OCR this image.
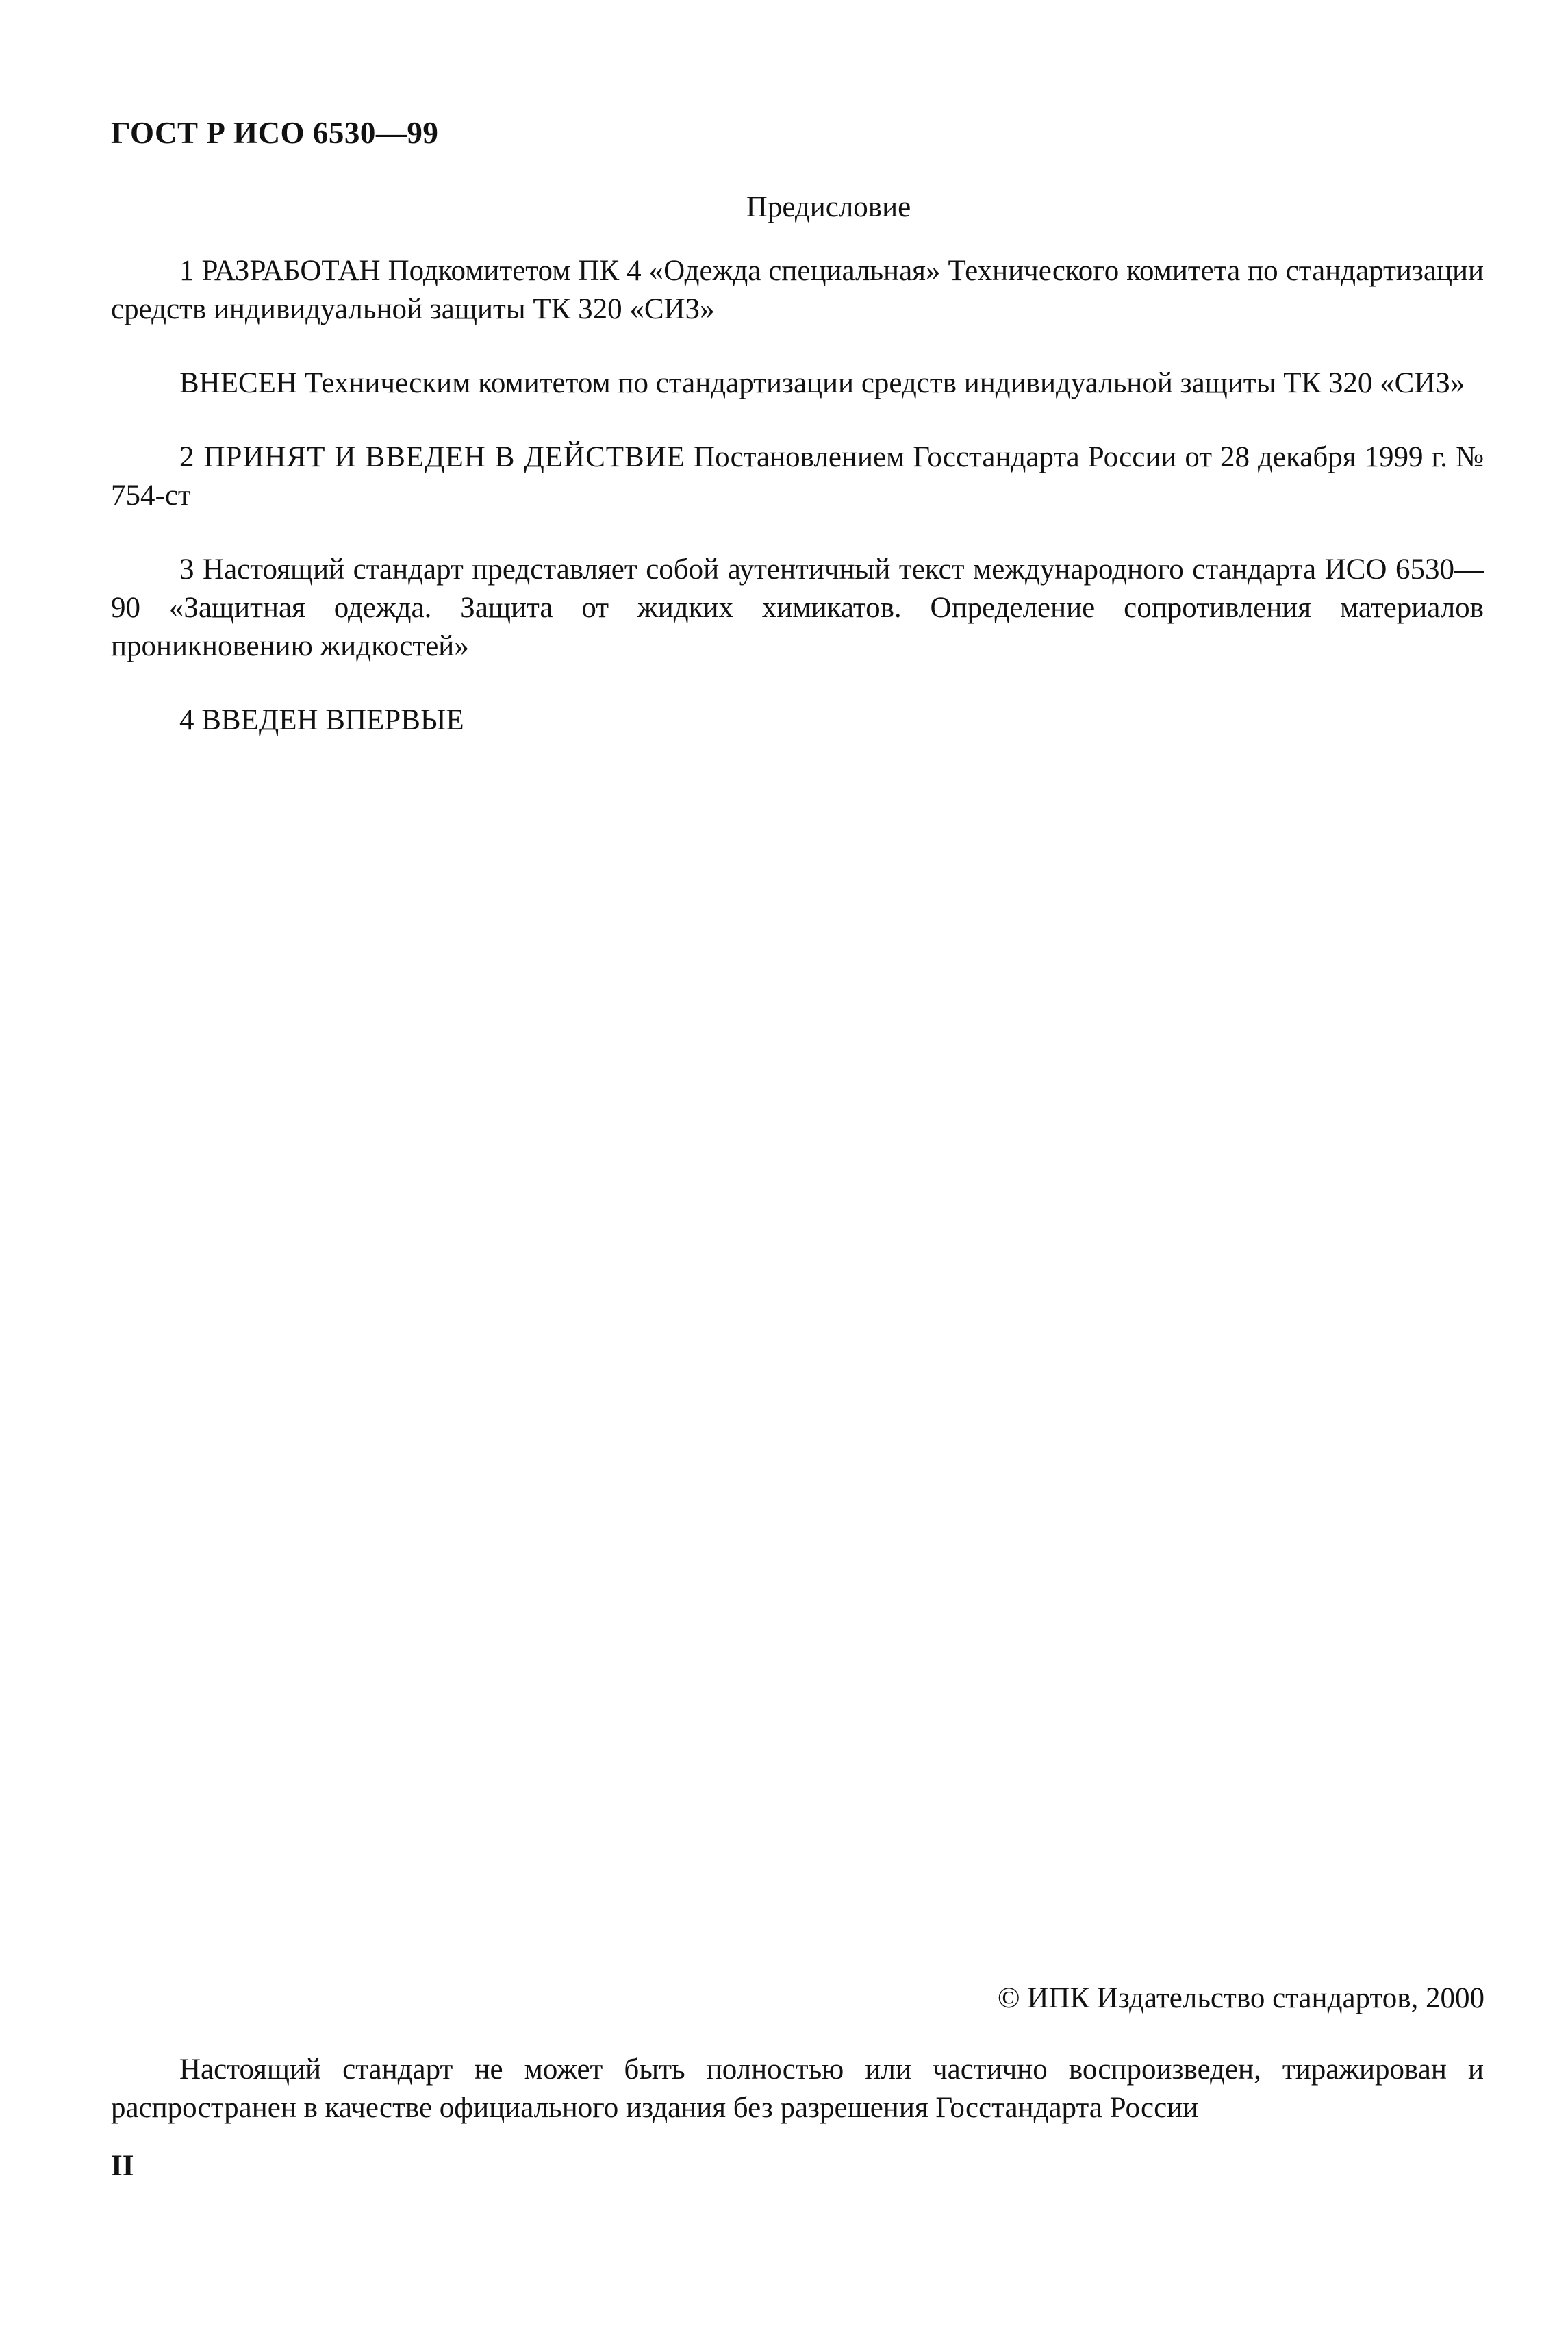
ГОСТ Р ИСО 6530—99
Предисловие

1 РАЗРАБОТАН Подкомитетом ПК 4 «Одежда специальная» Технического комитета по стандартизации средств индивидуальной защиты ТК 320 «СИЗ»

ВНЕСЕН Техническим комитетом по стандартизации средств индивидуальной защиты ТК 320 «СИЗ»

2 ПРИНЯТ И ВВЕДЕН В ДЕЙСТВИЕ Постановлением Госстандарта России от 28 декабря 1999 г. № 754-ст

3 Настоящий стандарт представляет собой аутентичный текст международного стандарта ИСО 6530—90 «Защитная одежда. Защита от жидких химикатов. Определение сопротивления материалов проникновению жидкостей»

4 ВВЕДЕН ВПЕРВЫЕ

© ИПК Издательство стандартов, 2000

Настоящий стандарт не может быть полностью или частично воспроизведен, тиражирован и распространен в качестве официального издания без разрешения Госстандарта России

II
